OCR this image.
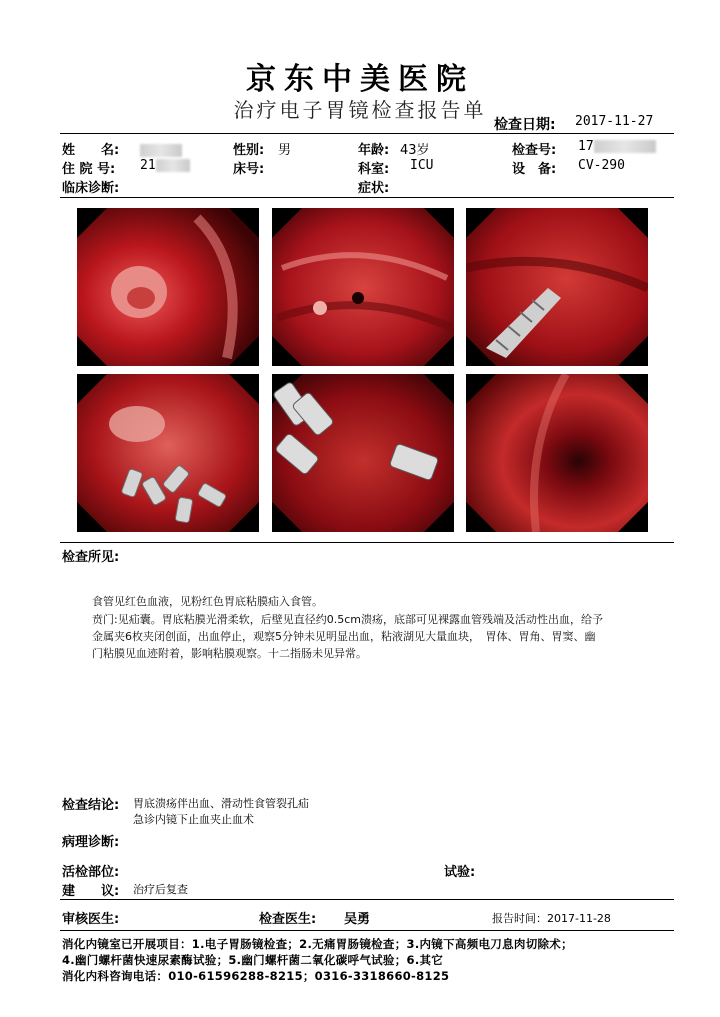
京东中美医院
治疗电子胃镜检查报告单
检查日期: 2017-11-27
姓　　名:	性别: 男	年龄: 43岁	检查号: 17
住 院 号: 21	床号:	科室: ICU	设　备: CV-290
临床诊断:	症状:
检查所见:
食管见红色血液，见粉红色胃底粘膜疝入食管。
贲门:见疝囊。胃底粘膜光滑柔软，后壁见直径约0.5cm溃疡，底部可见裸露血管残端及活动性出血，给予
金属夹6枚夹闭创面，出血停止，观察5分钟未见明显出血，粘液湖见大量血块，　胃体、胃角、胃窦、幽
门粘膜见血迹附着，影响粘膜观察。十二指肠未见异常。
检查结论: 胃底溃疡伴出血、滑动性食管裂孔疝
急诊内镜下止血夹止血术
病理诊断:
活检部位:	试验:
建　　议: 治疗后复查
审核医生:	检查医生: 吴勇	报告时间：2017-11-28
消化内镜室已开展项目：1.电子胃肠镜检查；2.无痛胃肠镜检查；3.内镜下高频电刀息肉切除术；
4.幽门螺杆菌快速尿素酶试验；5.幽门螺杆菌二氧化碳呼气试验；6.其它
消化内科咨询电话：010-61596288-8215；0316-3318660-8125
